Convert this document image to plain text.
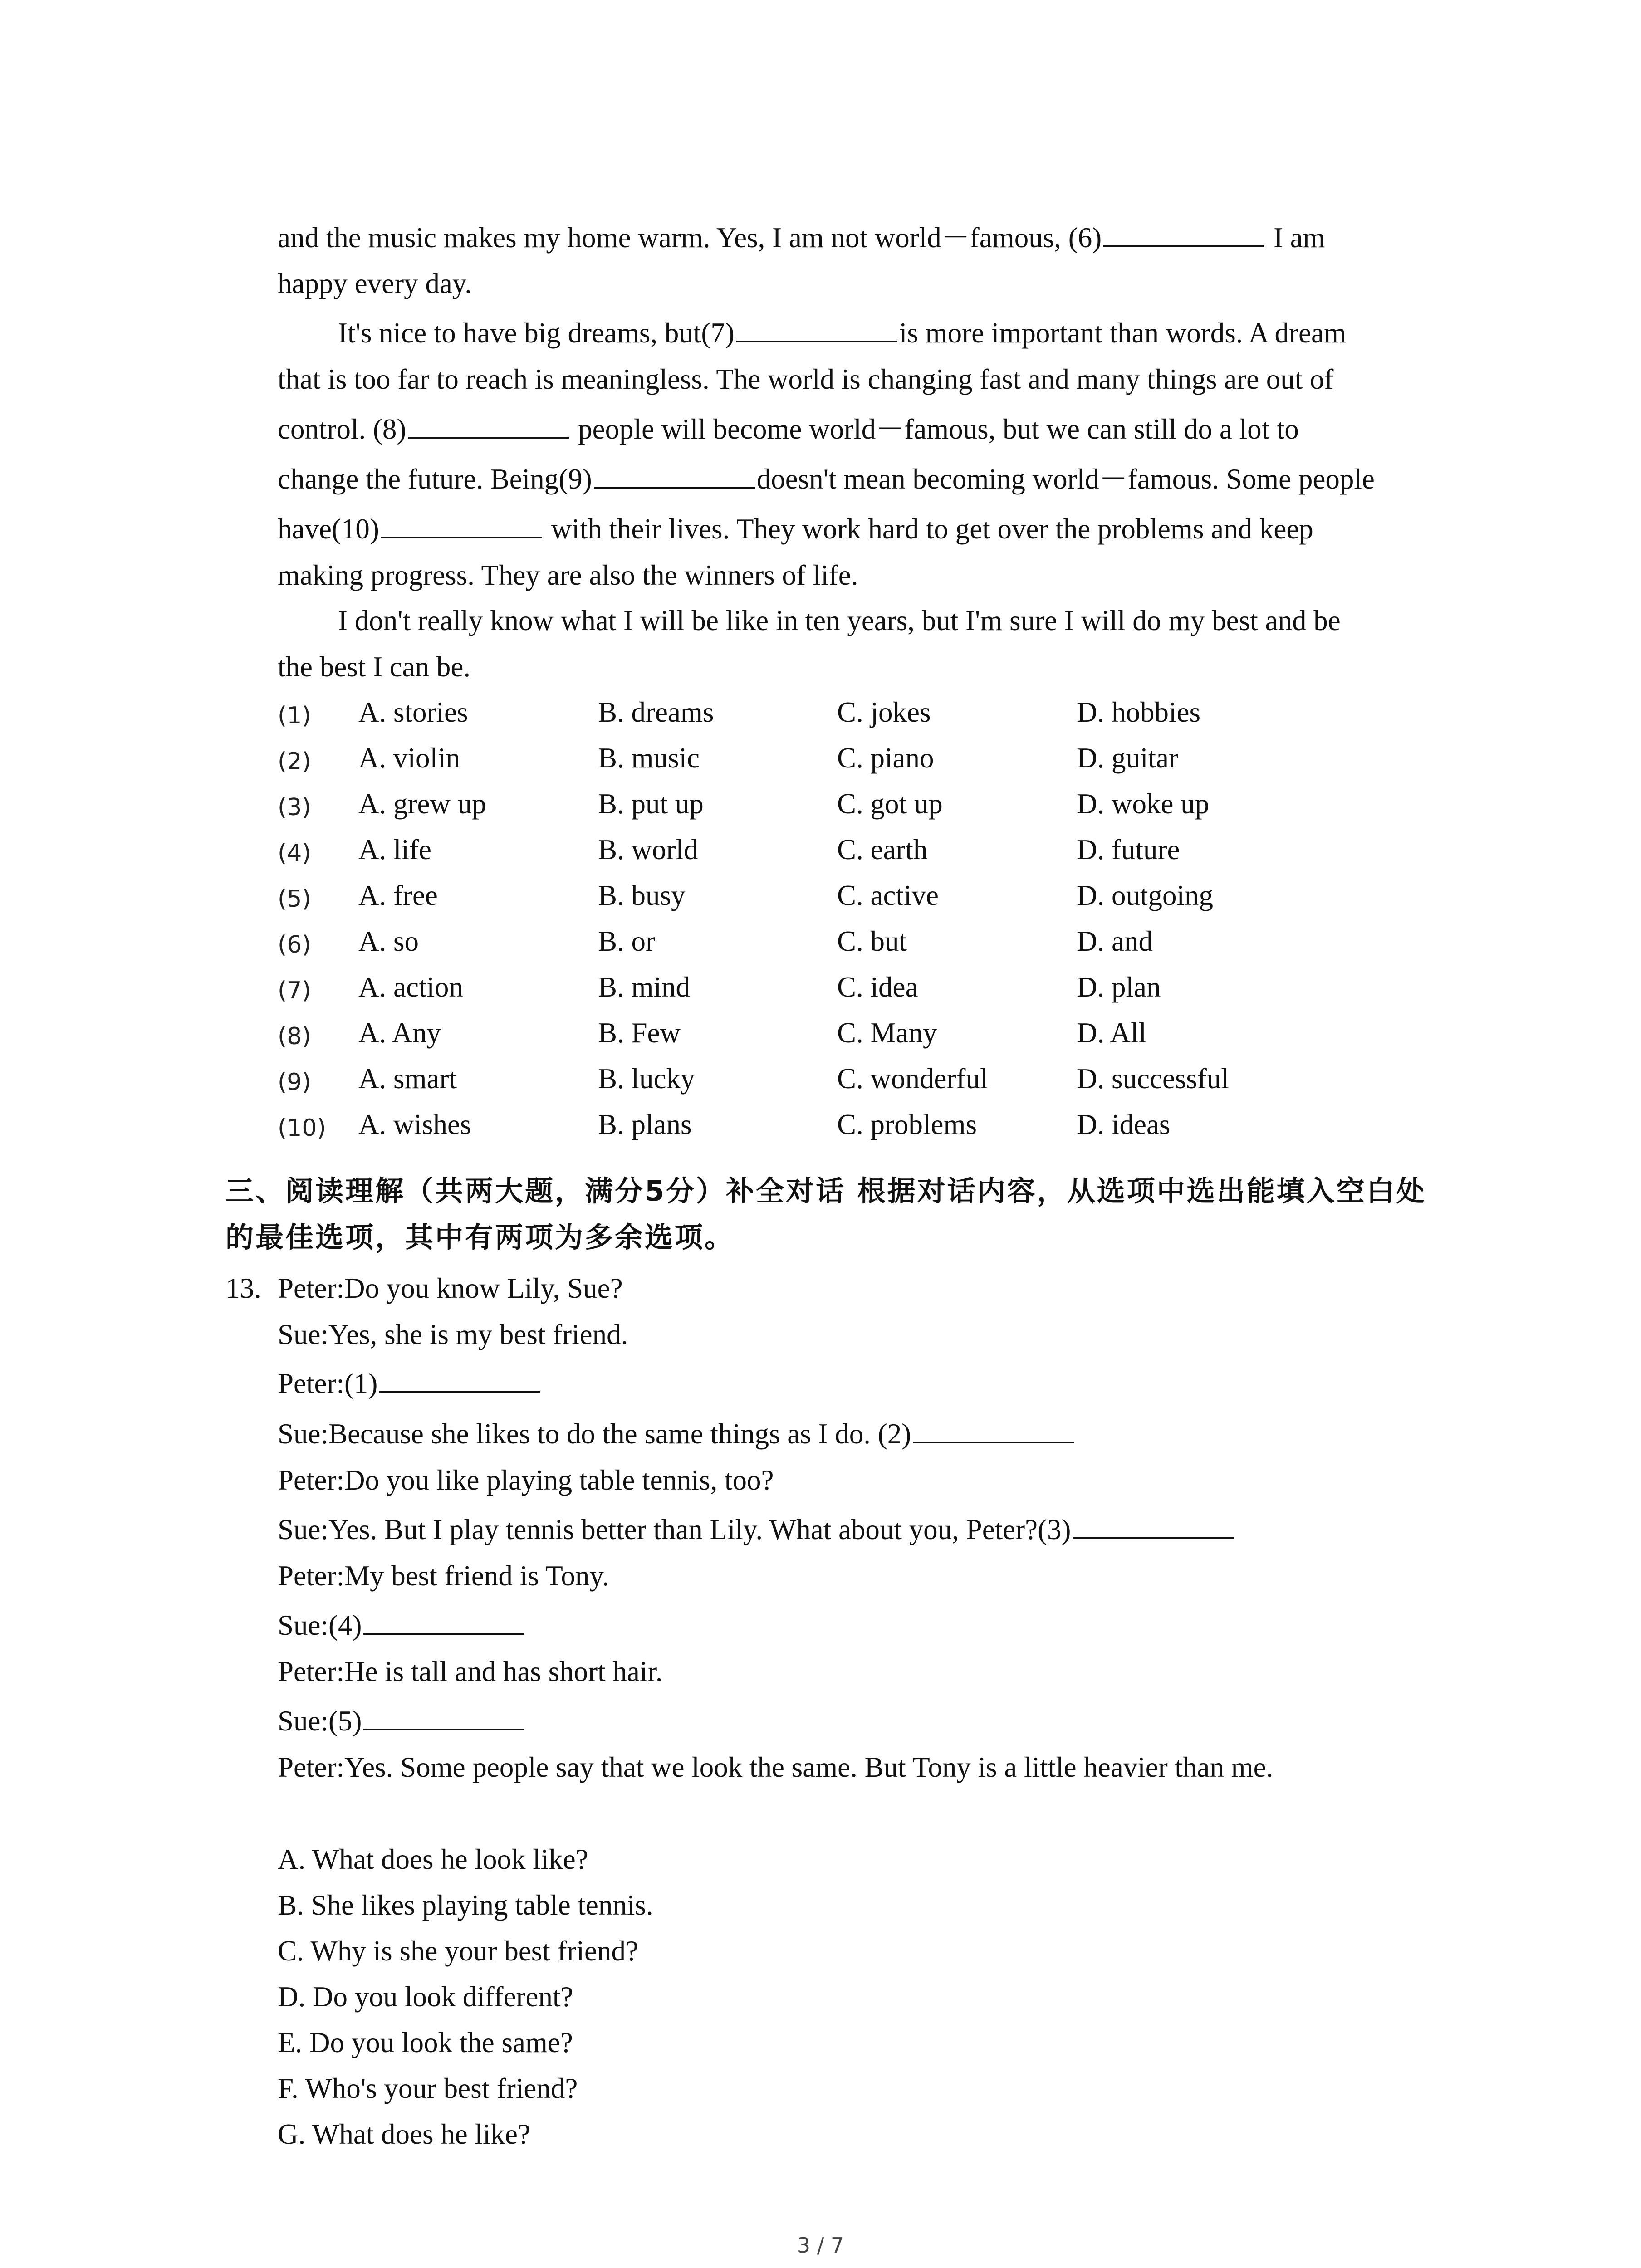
and the music makes my home warm. Yes, I am not world－famous, (6)	I am
happy every day.
It's nice to have big dreams, but(7)	is more important than words. A dream
that is too far to reach is meaningless. The world is changing fast and many things are out of
control. (8)	people will become world－famous, but we can still do a lot to
change the future. Being(9)	doesn't mean becoming world－famous. Some people
have(10)	with their lives. They work hard to get over the problems and keep
making progress. They are also the winners of life.
I don't really know what I will be like in ten years, but I'm sure I will do my best and be
the best I can be.
(1) A. stories	B. dreams	C. jokes	D. hobbies
(2) A. violin	B. music	C. piano	D. guitar
(3) A. grew up	B. put up	C. got up	D. woke up
(4) A. life	B. world	C. earth	D. future
(5) A. free	B. busy	C. active	D. outgoing
(6) A. so	B. or	C. but	D. and
(7) A. action	B. mind	C. idea	D. plan
(8) A. Any	B. Few	C. Many	D. All
(9) A. smart	B. lucky	C. wonderful	D. successful
(10) A. wishes	B. plans	C. problems	D. ideas
三、阅读理解（共两大题，满分5分）补全对话 根据对话内容，从选项中选出能填入空白处
的最佳选项，其中有两项为多余选项。
13. Peter:Do you know Lily, Sue?
Sue:Yes, she is my best friend.
Peter:(1)
Sue:Because she likes to do the same things as I do. (2)
Peter:Do you like playing table tennis, too?
Sue:Yes. But I play tennis better than Lily. What about you, Peter?(3)
Peter:My best friend is Tony.
Sue:(4)
Peter:He is tall and has short hair.
Sue:(5)
Peter:Yes. Some people say that we look the same. But Tony is a little heavier than me.
A. What does he look like?
B. She likes playing table tennis.
C. Why is she your best friend?
D. Do you look different?
E. Do you look the same?
F. Who's your best friend?
G. What does he like?
3 / 7
